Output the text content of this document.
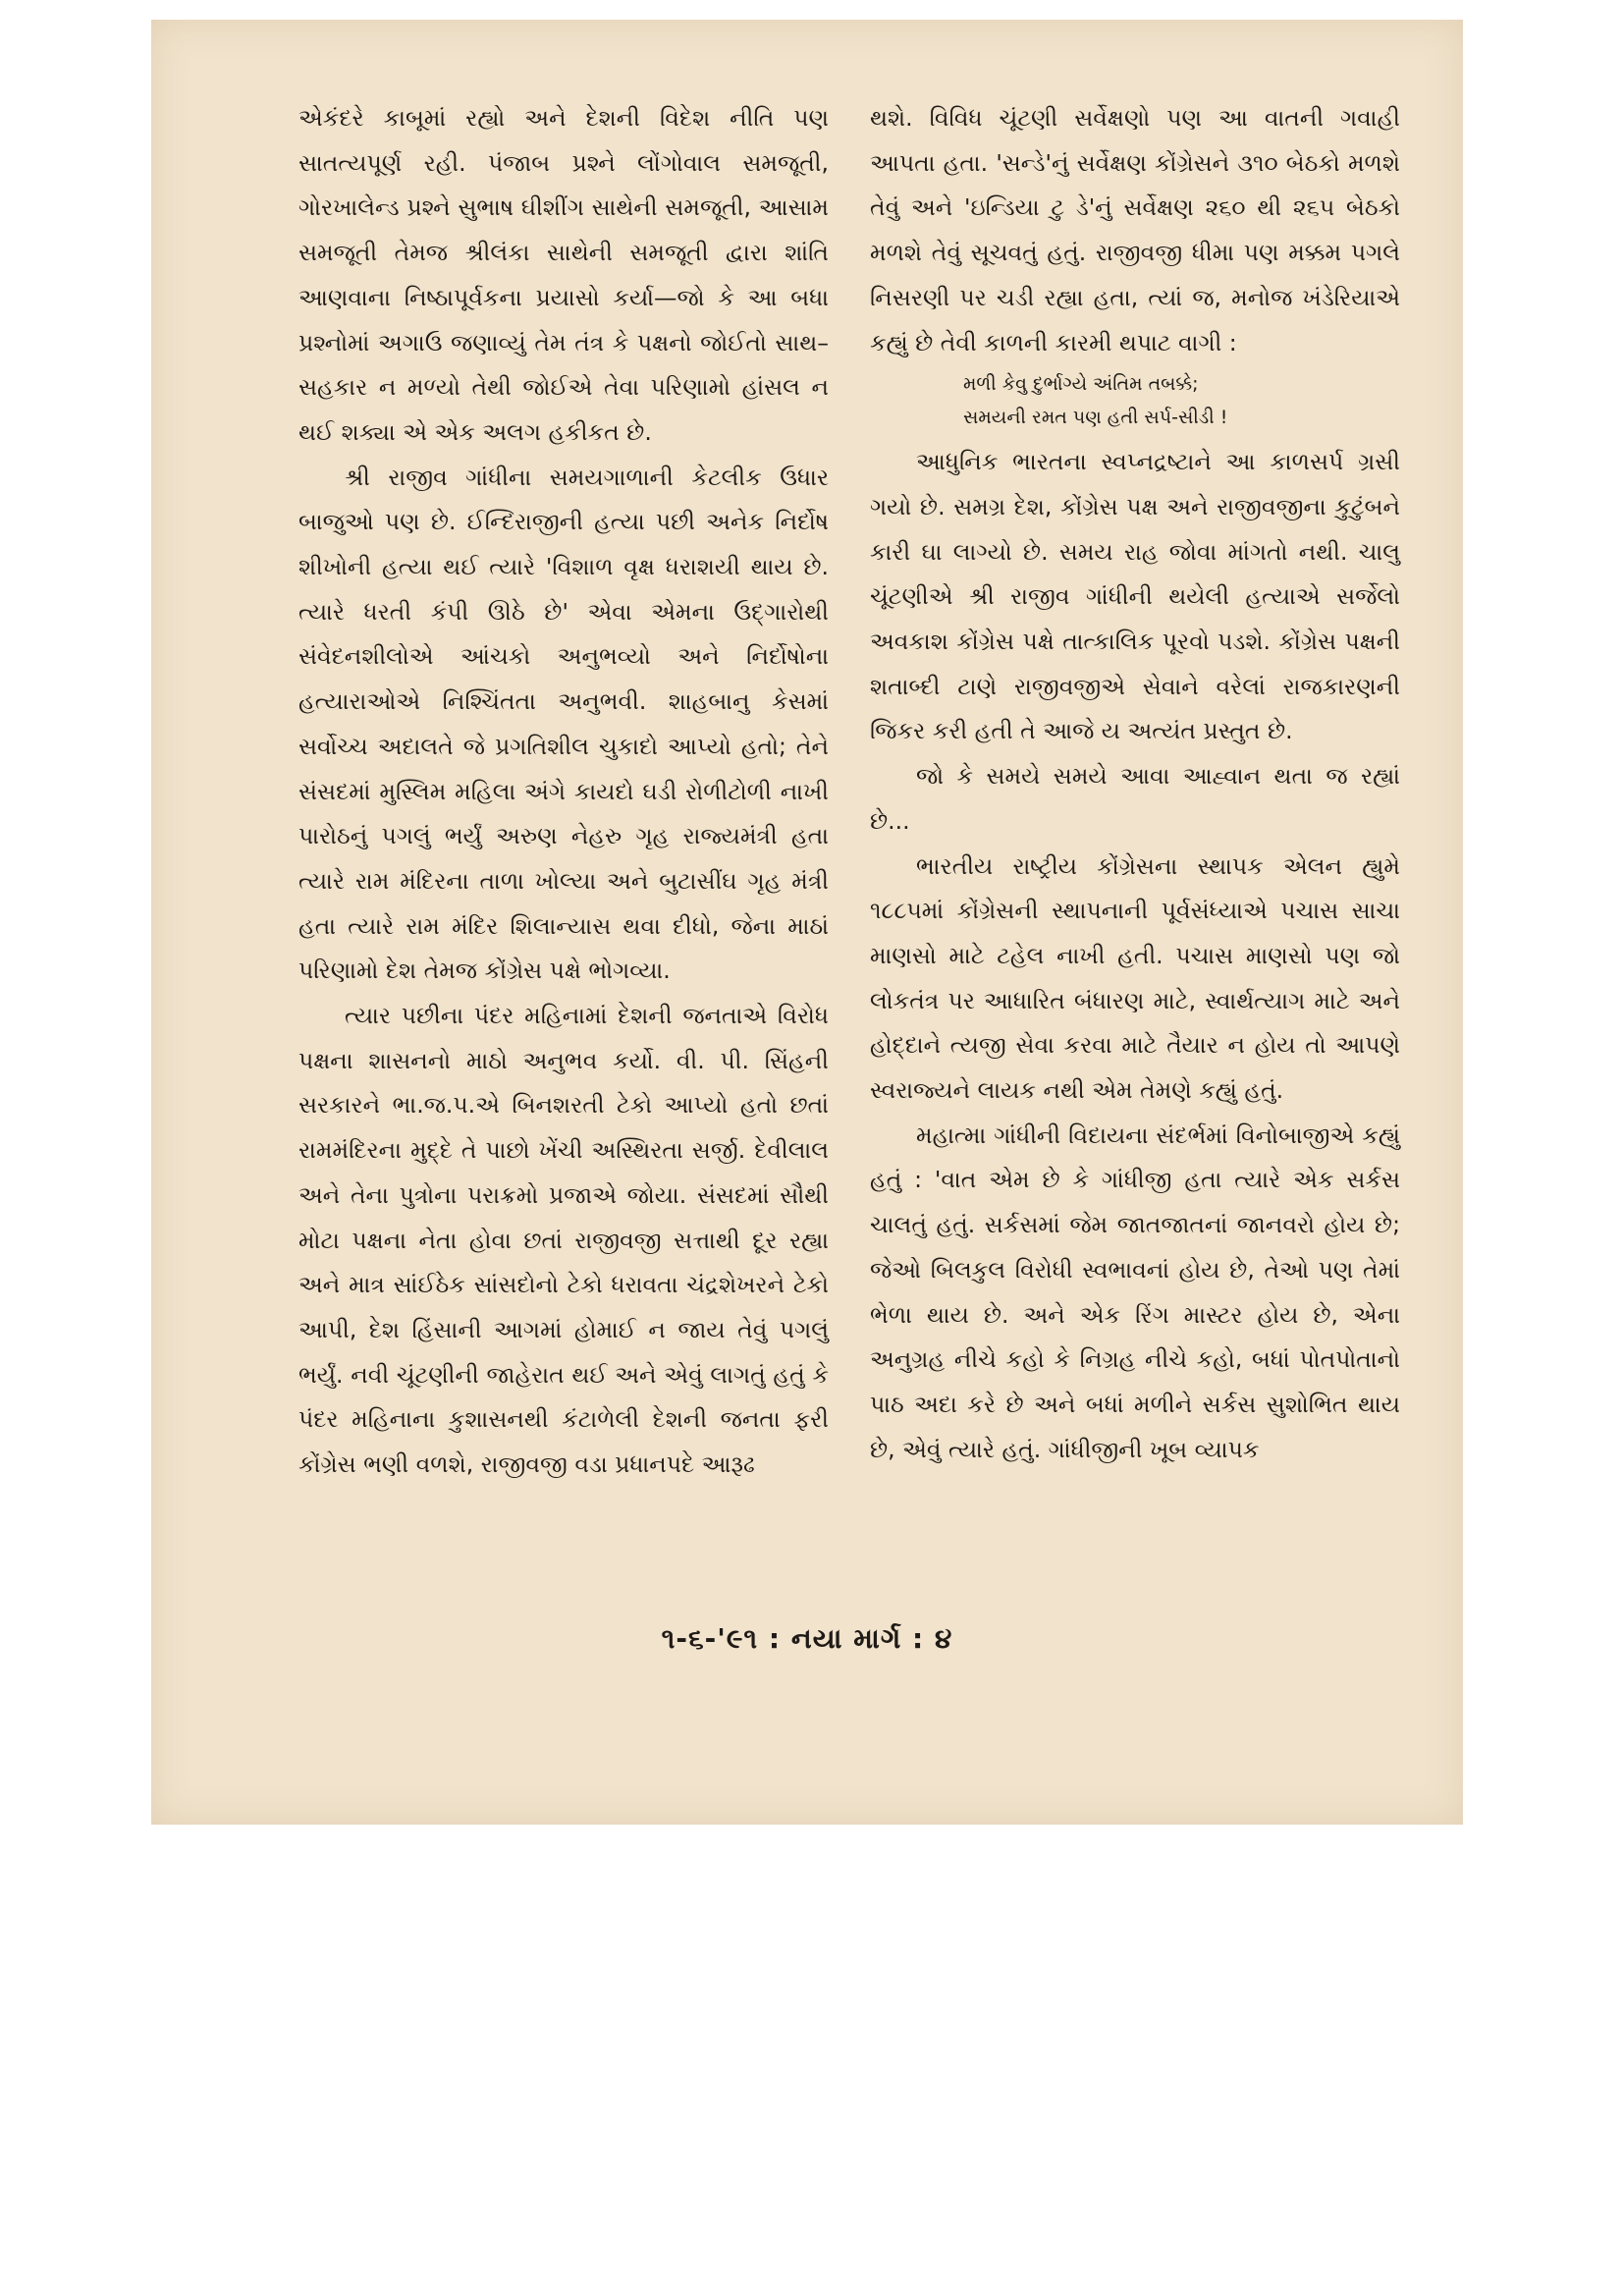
એકંદરે કાબૂમાં રહ્યો અને દેશની વિદેશ નીતિ પણ સાતત્યપૂર્ણ રહી. પંજાબ પ્રશ્ને લોંગોવાલ સમજૂતી, ગોરખાલેન્ડ પ્રશ્ને સુભાષ ઘીશીંગ સાથેની સમજૂતી, આસામ સમજૂતી તેમજ શ્રીલંકા સાથેની સમજૂતી દ્વારા શાંતિ આણવાના નિષ્ઠાપૂર્વકના પ્રયાસો કર્યા—જો કે આ બધા પ્રશ્નોમાં અગાઉ જણાવ્યું તેમ તંત્ર કે પક્ષનો જોઈતો સાથ–સહકાર ન મળ્યો તેથી જોઈએ તેવા પરિણામો હાંસલ ન થઈ શક્યા એ એક અલગ હકીકત છે.

શ્રી રાજીવ ગાંધીના સમયગાળાની કેટલીક ઉધાર બાજુઓ પણ છે. ઈન્દિરાજીની હત્યા પછી અનેક નિર્દોષ શીખોની હત્યા થઈ ત્યારે 'વિશાળ વૃક્ષ ધરાશયી થાય છે. ત્યારે ધરતી કંપી ઊઠે છે' એવા એમના ઉદ્ગારોથી સંવેદનશીલોએ આંચકો અનુભવ્યો અને નિર્દોષોના હત્યારાઓએ નિશ્ચિંતતા અનુભવી. શાહબાનુ કેસમાં સર્વોચ્ચ અદાલતે જે પ્રગતિશીલ ચુકાદો આપ્યો હતો; તેને સંસદમાં મુસ્લિમ મહિલા અંગે કાયદો ઘડી રોળીટોળી નાખી પારોઠનું પગલું ભર્યું અરુણ નેહરુ ગૃહ રાજ્યમંત્રી હતા ત્યારે રામ મંદિરના તાળા ખોલ્યા અને બુટાસીંઘ ગૃહ મંત્રી હતા ત્યારે રામ મંદિર શિલાન્યાસ થવા દીધો, જેના માઠાં પરિણામો દેશ તેમજ કોંગ્રેસ પક્ષે ભોગવ્યા.

ત્યાર પછીના પંદર મહિનામાં દેશની જનતાએ વિરોધ પક્ષના શાસનનો માઠો અનુભવ કર્યો. વી. પી. સિંહની સરકારને ભા.જ.પ.એ બિનશરતી ટેકો આપ્યો હતો છતાં રામમંદિરના મુદ્દે તે પાછો ખેંચી અસ્થિરતા સર્જી. દેવીલાલ અને તેના પુત્રોના પરાક્રમો પ્રજાએ જોયા. સંસદમાં સૌથી મોટા પક્ષના નેતા હોવા છતાં રાજીવજી સત્તાથી દૂર રહ્યા અને માત્ર સાંઈઠેક સાંસદોનો ટેકો ધરાવતા ચંદ્રશેખરને ટેકો આપી, દેશ હિંસાની આગમાં હોમાઈ ન જાય તેવું પગલું ભર્યું. નવી ચૂંટણીની જાહેરાત થઈ અને એવું લાગતું હતું કે પંદર મહિનાના કુશાસનથી કંટાળેલી દેશની જનતા ફરી કોંગ્રેસ ભણી વળશે, રાજીવજી વડા પ્રધાનપદે આરૂઢ

થશે. વિવિધ ચૂંટણી સર્વેક્ષણો પણ આ વાતની ગવાહી આપતા હતા. 'સન્ડે'નું સર્વેક્ષણ કોંગ્રેસને ૩૧૦ બેઠકો મળશે તેવું અને 'ઇન્ડિયા ટુ ડે'નું સર્વેક્ષણ ૨૬૦ થી ૨૬૫ બેઠકો મળશે તેવું સૂચવતું હતું. રાજીવજી ધીમા પણ મક્કમ પગલે નિસરણી પર ચડી રહ્યા હતા, ત્યાં જ, મનોજ ખંડેરિયાએ કહ્યું છે તેવી કાળની કારમી થપાટ વાગી :

મળી કેવુ દુર્ભાગ્યે અંતિમ તબક્કે;
સમયની રમત પણ હતી સર્પ-સીડી !

આધુનિક ભારતના સ્વપ્નદ્રષ્ટાને આ કાળસર્પ ગ્રસી ગયો છે. સમગ્ર દેશ, કોંગ્રેસ પક્ષ અને રાજીવજીના કુટુંબને કારી ઘા લાગ્યો છે. સમય રાહ જોવા માંગતો નથી. ચાલુ ચૂંટણીએ શ્રી રાજીવ ગાંધીની થયેલી હત્યાએ સર્જેલો અવકાશ કોંગ્રેસ પક્ષે તાત્કાલિક પૂરવો પડશે. કોંગ્રેસ પક્ષની શતાબ્દી ટાણે રાજીવજીએ સેવાને વરેલાં રાજકારણની જિકર કરી હતી તે આજે ય અત્યંત પ્રસ્તુત છે.

જો કે સમયે સમયે આવા આહ્વાન થતા જ રહ્યાં છે...

ભારતીય રાષ્ટ્રીય કોંગ્રેસના સ્થાપક એલન હ્યુમે ૧૮૮૫માં કોંગ્રેસની સ્થાપનાની પૂર્વસંધ્યાએ પચાસ સાચા માણસો માટે ટહેલ નાખી હતી. પચાસ માણસો પણ જો લોકતંત્ર પર આધારિત બંધારણ માટે, સ્વાર્થત્યાગ માટે અને હોદ્દાને ત્યજી સેવા કરવા માટે તૈયાર ન હોય તો આપણે સ્વરાજ્યને લાયક નથી એમ તેમણે કહ્યું હતું.

મહાત્મા ગાંધીની વિદાયના સંદર્ભમાં વિનોબાજીએ કહ્યું હતું : 'વાત એમ છે કે ગાંધીજી હતા ત્યારે એક સર્કસ ચાલતું હતું. સર્કસમાં જેમ જાતજાતનાં જાનવરો હોય છે; જેઓ બિલકુલ વિરોધી સ્વભાવનાં હોય છે, તેઓ પણ તેમાં ભેળા થાય છે. અને એક રિંગ માસ્ટર હોય છે, એના અનુગ્રહ નીચે કહો કે નિગ્રહ નીચે કહો, બધાં પોતપોતાનો પાઠ અદા કરે છે અને બધાં મળીને સર્કસ સુશોભિત થાય છે, એવું ત્યારે હતું. ગાંધીજીની ખૂબ વ્યાપક

૧-૬-'૯૧ : નયા માર્ગ : ૪
